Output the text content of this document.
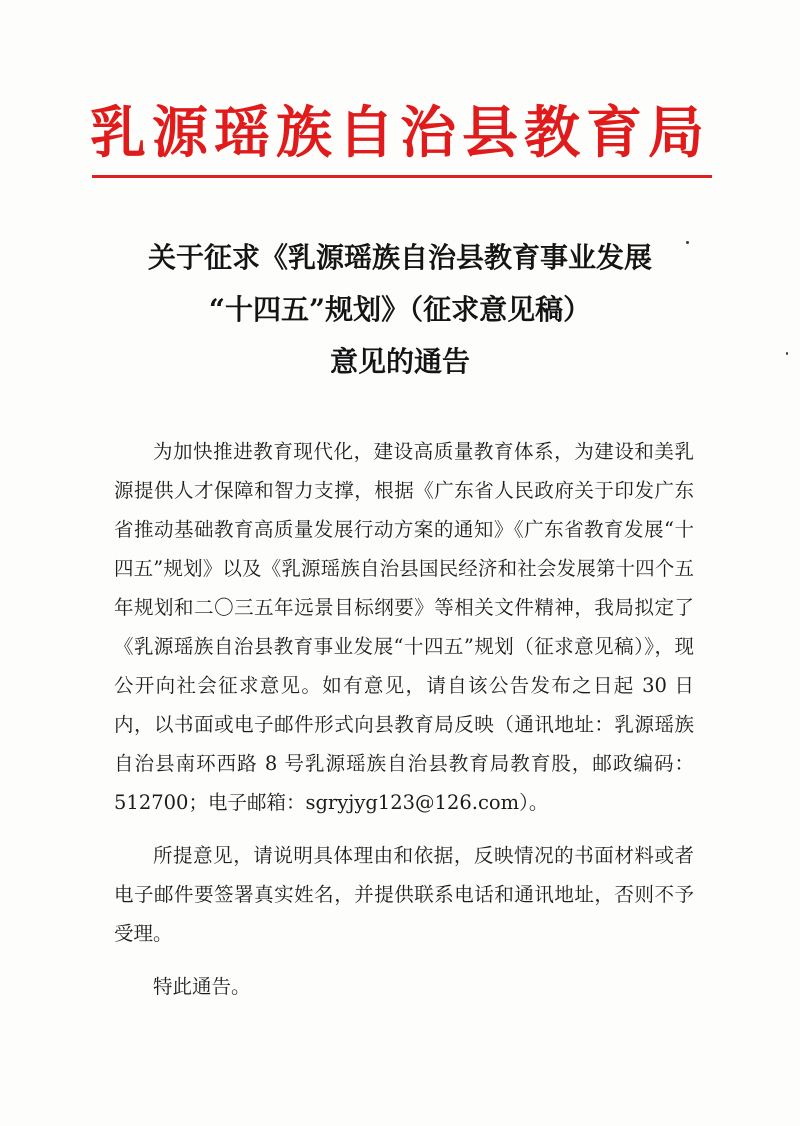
乳源瑶族自治县教育局
关于征求《乳源瑶族自治县教育事业发展
“十四五”规划》（征求意见稿）
意见的通告

为加快推进教育现代化，建设高质量教育体系，为建设和美乳源提供人才保障和智力支撑，根据《广东省人民政府关于印发广东省推动基础教育高质量发展行动方案的通知》《广东省教育发展“十四五”规划》以及《乳源瑶族自治县国民经济和社会发展第十四个五年规划和二〇三五年远景目标纲要》等相关文件精神，我局拟定了《乳源瑶族自治县教育事业发展“十四五”规划（征求意见稿）》，现公开向社会征求意见。如有意见，请自该公告发布之日起 30 日内，以书面或电子邮件形式向县教育局反映（通讯地址：乳源瑶族自治县南环西路 8 号乳源瑶族自治县教育局教育股，邮政编码：512700；电子邮箱：sgryjyg123@126.com）。

所提意见，请说明具体理由和依据，反映情况的书面材料或者电子邮件要签署真实姓名，并提供联系电话和通讯地址，否则不予受理。

特此通告。
